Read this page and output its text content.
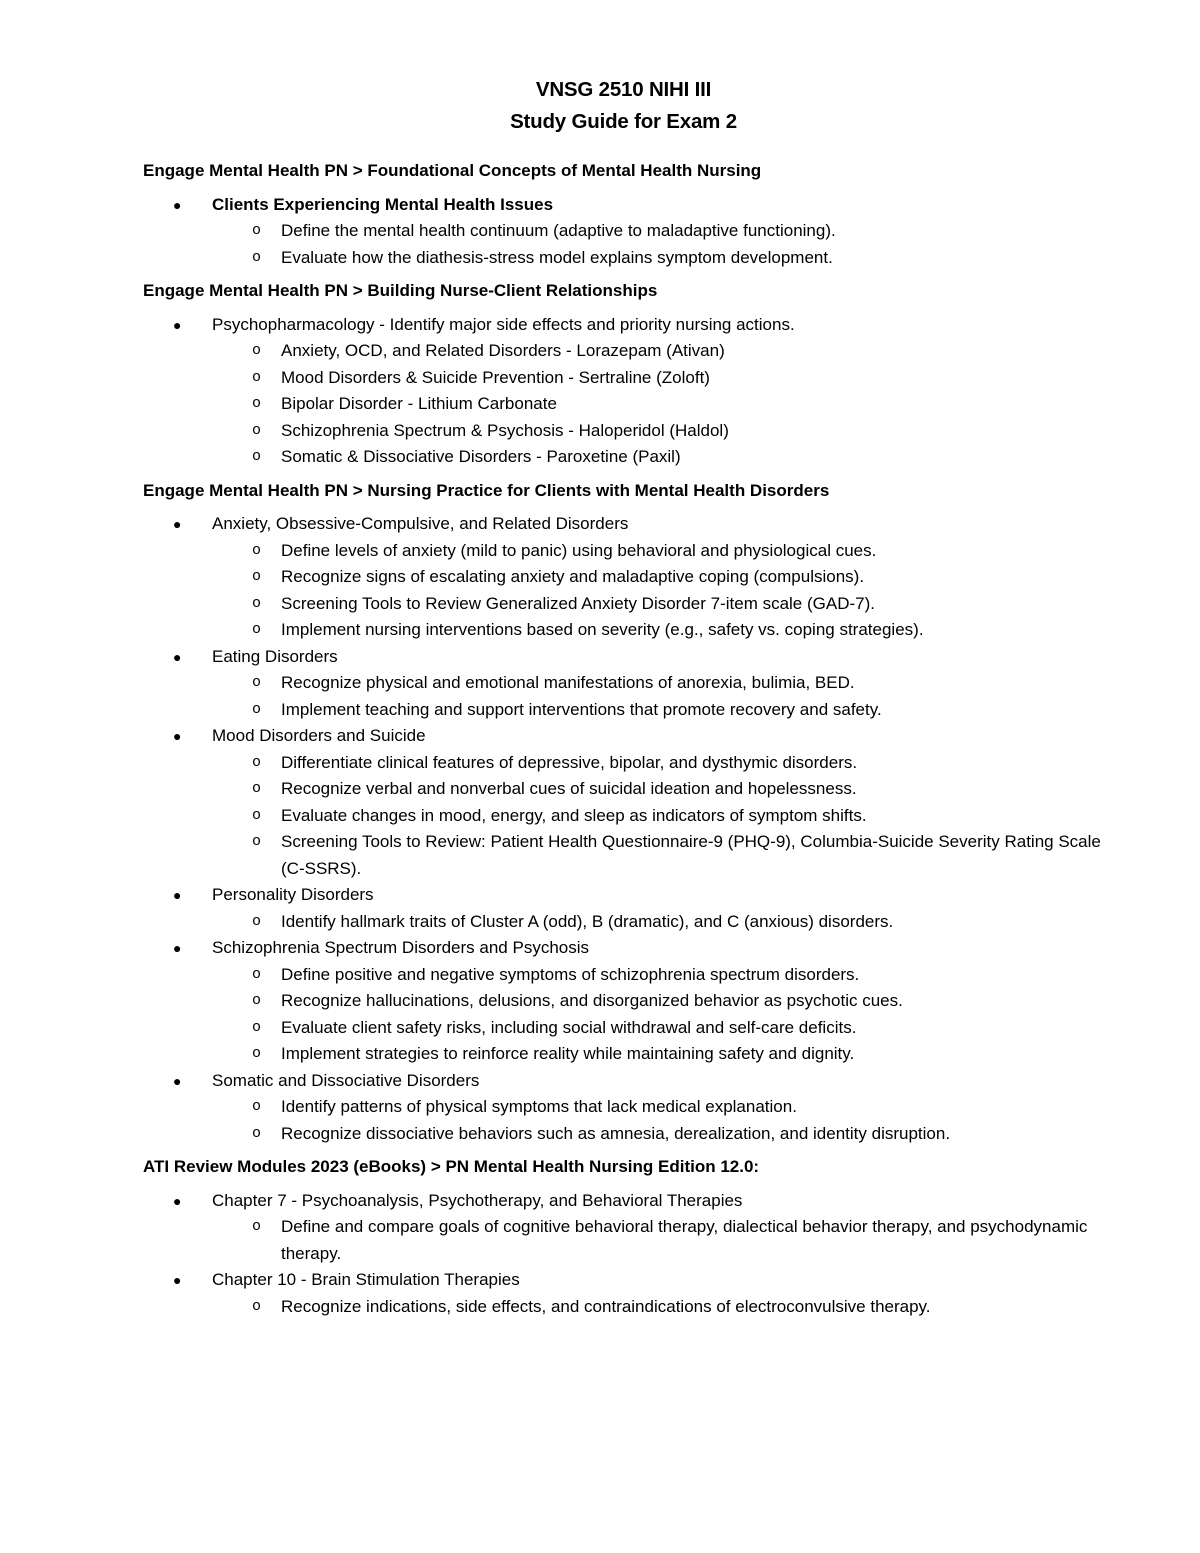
VNSG 2510 NIHI III
Study Guide for Exam 2
Engage Mental Health PN > Foundational Concepts of Mental Health Nursing
● Clients Experiencing Mental Health Issues
o Define the mental health continuum (adaptive to maladaptive functioning).
o Evaluate how the diathesis-stress model explains symptom development.
Engage Mental Health PN > Building Nurse-Client Relationships
● Psychopharmacology - Identify major side effects and priority nursing actions.
o Anxiety, OCD, and Related Disorders - Lorazepam (Ativan)
o Mood Disorders & Suicide Prevention - Sertraline (Zoloft)
o Bipolar Disorder - Lithium Carbonate
o Schizophrenia Spectrum & Psychosis - Haloperidol (Haldol)
o Somatic & Dissociative Disorders - Paroxetine (Paxil)
Engage Mental Health PN > Nursing Practice for Clients with Mental Health Disorders
● Anxiety, Obsessive-Compulsive, and Related Disorders
o Define levels of anxiety (mild to panic) using behavioral and physiological cues.
o Recognize signs of escalating anxiety and maladaptive coping (compulsions).
o Screening Tools to Review Generalized Anxiety Disorder 7-item scale (GAD-7).
o Implement nursing interventions based on severity (e.g., safety vs. coping strategies).
● Eating Disorders
o Recognize physical and emotional manifestations of anorexia, bulimia, BED.
o Implement teaching and support interventions that promote recovery and safety.
● Mood Disorders and Suicide
o Differentiate clinical features of depressive, bipolar, and dysthymic disorders.
o Recognize verbal and nonverbal cues of suicidal ideation and hopelessness.
o Evaluate changes in mood, energy, and sleep as indicators of symptom shifts.
o Screening Tools to Review: Patient Health Questionnaire-9 (PHQ-9), Columbia-Suicide Severity Rating Scale (C-SSRS).
● Personality Disorders
o Identify hallmark traits of Cluster A (odd), B (dramatic), and C (anxious) disorders.
● Schizophrenia Spectrum Disorders and Psychosis
o Define positive and negative symptoms of schizophrenia spectrum disorders.
o Recognize hallucinations, delusions, and disorganized behavior as psychotic cues.
o Evaluate client safety risks, including social withdrawal and self-care deficits.
o Implement strategies to reinforce reality while maintaining safety and dignity.
● Somatic and Dissociative Disorders
o Identify patterns of physical symptoms that lack medical explanation.
o Recognize dissociative behaviors such as amnesia, derealization, and identity disruption.
ATI Review Modules 2023 (eBooks) > PN Mental Health Nursing Edition 12.0:
● Chapter 7 - Psychoanalysis, Psychotherapy, and Behavioral Therapies
o Define and compare goals of cognitive behavioral therapy, dialectical behavior therapy, and psychodynamic therapy.
● Chapter 10 - Brain Stimulation Therapies
o Recognize indications, side effects, and contraindications of electroconvulsive therapy.
